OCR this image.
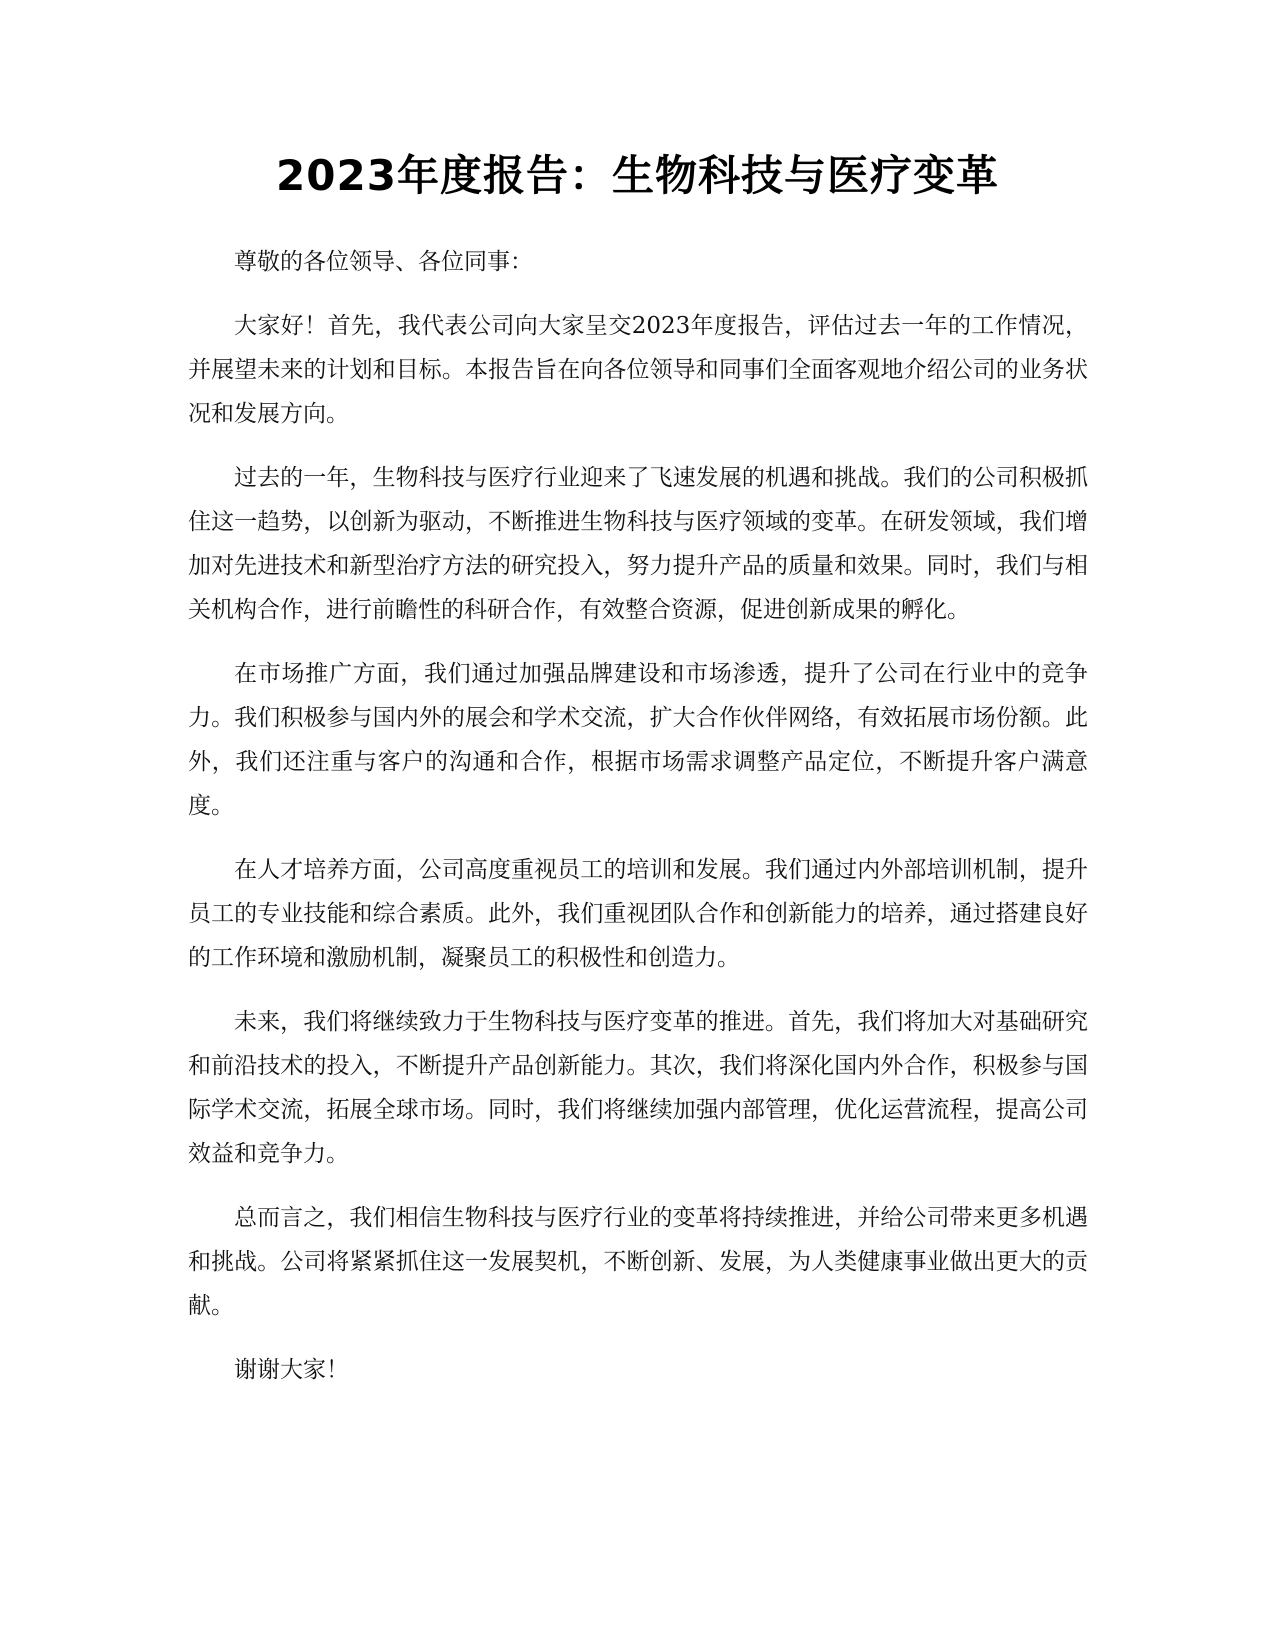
2023年度报告：生物科技与医疗变革

尊敬的各位领导、各位同事：

大家好！首先，我代表公司向大家呈交2023年度报告，评估过去一年的工作情况，并展望未来的计划和目标。本报告旨在向各位领导和同事们全面客观地介绍公司的业务状况和发展方向。

过去的一年，生物科技与医疗行业迎来了飞速发展的机遇和挑战。我们的公司积极抓住这一趋势，以创新为驱动，不断推进生物科技与医疗领域的变革。在研发领域，我们增加对先进技术和新型治疗方法的研究投入，努力提升产品的质量和效果。同时，我们与相关机构合作，进行前瞻性的科研合作，有效整合资源，促进创新成果的孵化。

在市场推广方面，我们通过加强品牌建设和市场渗透，提升了公司在行业中的竞争力。我们积极参与国内外的展会和学术交流，扩大合作伙伴网络，有效拓展市场份额。此外，我们还注重与客户的沟通和合作，根据市场需求调整产品定位，不断提升客户满意度。

在人才培养方面，公司高度重视员工的培训和发展。我们通过内外部培训机制，提升员工的专业技能和综合素质。此外，我们重视团队合作和创新能力的培养，通过搭建良好的工作环境和激励机制，凝聚员工的积极性和创造力。

未来，我们将继续致力于生物科技与医疗变革的推进。首先，我们将加大对基础研究和前沿技术的投入，不断提升产品创新能力。其次，我们将深化国内外合作，积极参与国际学术交流，拓展全球市场。同时，我们将继续加强内部管理，优化运营流程，提高公司效益和竞争力。

总而言之，我们相信生物科技与医疗行业的变革将持续推进，并给公司带来更多机遇和挑战。公司将紧紧抓住这一发展契机，不断创新、发展，为人类健康事业做出更大的贡献。

谢谢大家！
